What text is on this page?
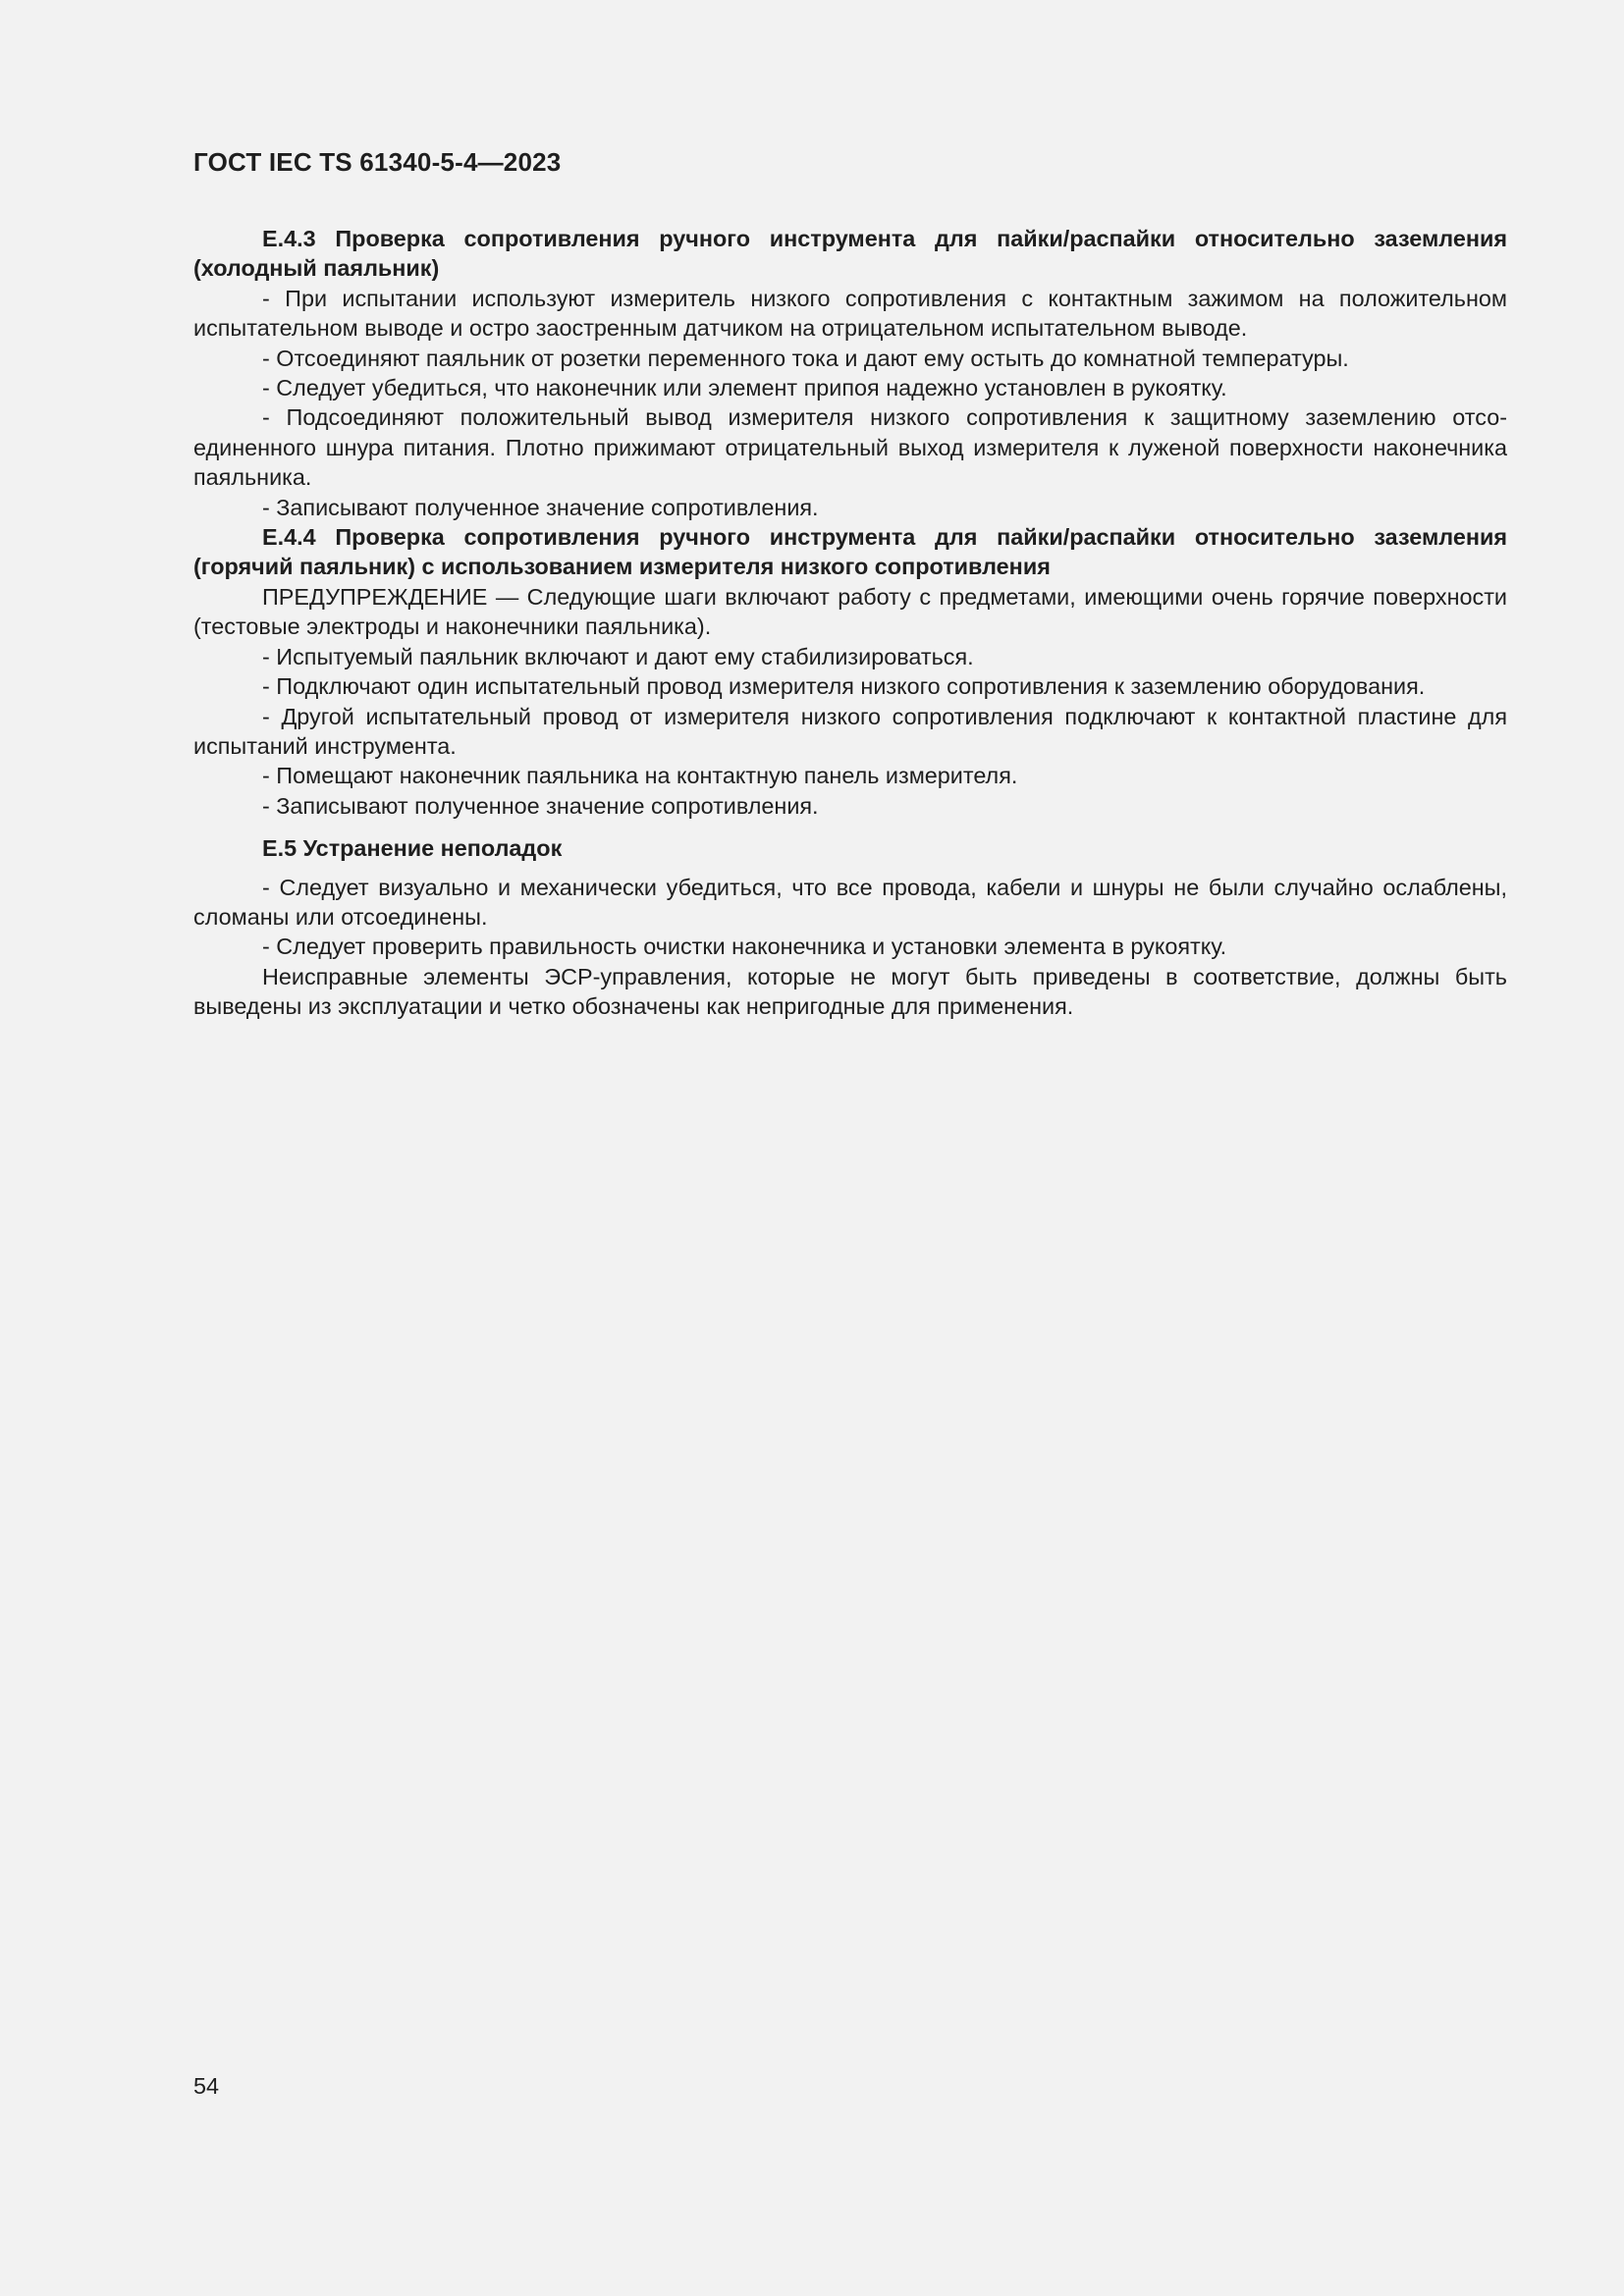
ГОСТ IEC TS 61340-5-4—2023

Е.4.3 Проверка сопротивления ручного инструмента для пайки/распайки относительно заземления (холодный паяльник)

- При испытании используют измеритель низкого сопротивления с контактным зажимом на положительном испытательном выводе и остро заостренным датчиком на отрицательном испытательном выводе.

- Отсоединяют паяльник от розетки переменного тока и дают ему остыть до комнатной температуры.

- Следует убедиться, что наконечник или элемент припоя надежно установлен в рукоятку.

- Подсоединяют положительный вывод измерителя низкого сопротивления к защитному заземлению отсоединенного шнура питания. Плотно прижимают отрицательный выход измерителя к луженой поверхности наконечника паяльника.

- Записывают полученное значение сопротивления.

Е.4.4 Проверка сопротивления ручного инструмента для пайки/распайки относительно заземления (горячий паяльник) с использованием измерителя низкого сопротивления

ПРЕДУПРЕЖДЕНИЕ — Следующие шаги включают работу с предметами, имеющими очень горячие поверхности (тестовые электроды и наконечники паяльника).

- Испытуемый паяльник включают и дают ему стабилизироваться.

- Подключают один испытательный провод измерителя низкого сопротивления к заземлению оборудования.

- Другой испытательный провод от измерителя низкого сопротивления подключают к контактной пластине для испытаний инструмента.

- Помещают наконечник паяльника на контактную панель измерителя.

- Записывают полученное значение сопротивления.

Е.5 Устранение неполадок

- Следует визуально и механически убедиться, что все провода, кабели и шнуры не были случайно ослаблены, сломаны или отсоединены.

- Следует проверить правильность очистки наконечника и установки элемента в рукоятку.

Неисправные элементы ЭСР-управления, которые не могут быть приведены в соответствие, должны быть выведены из эксплуатации и четко обозначены как непригодные для применения.

54
